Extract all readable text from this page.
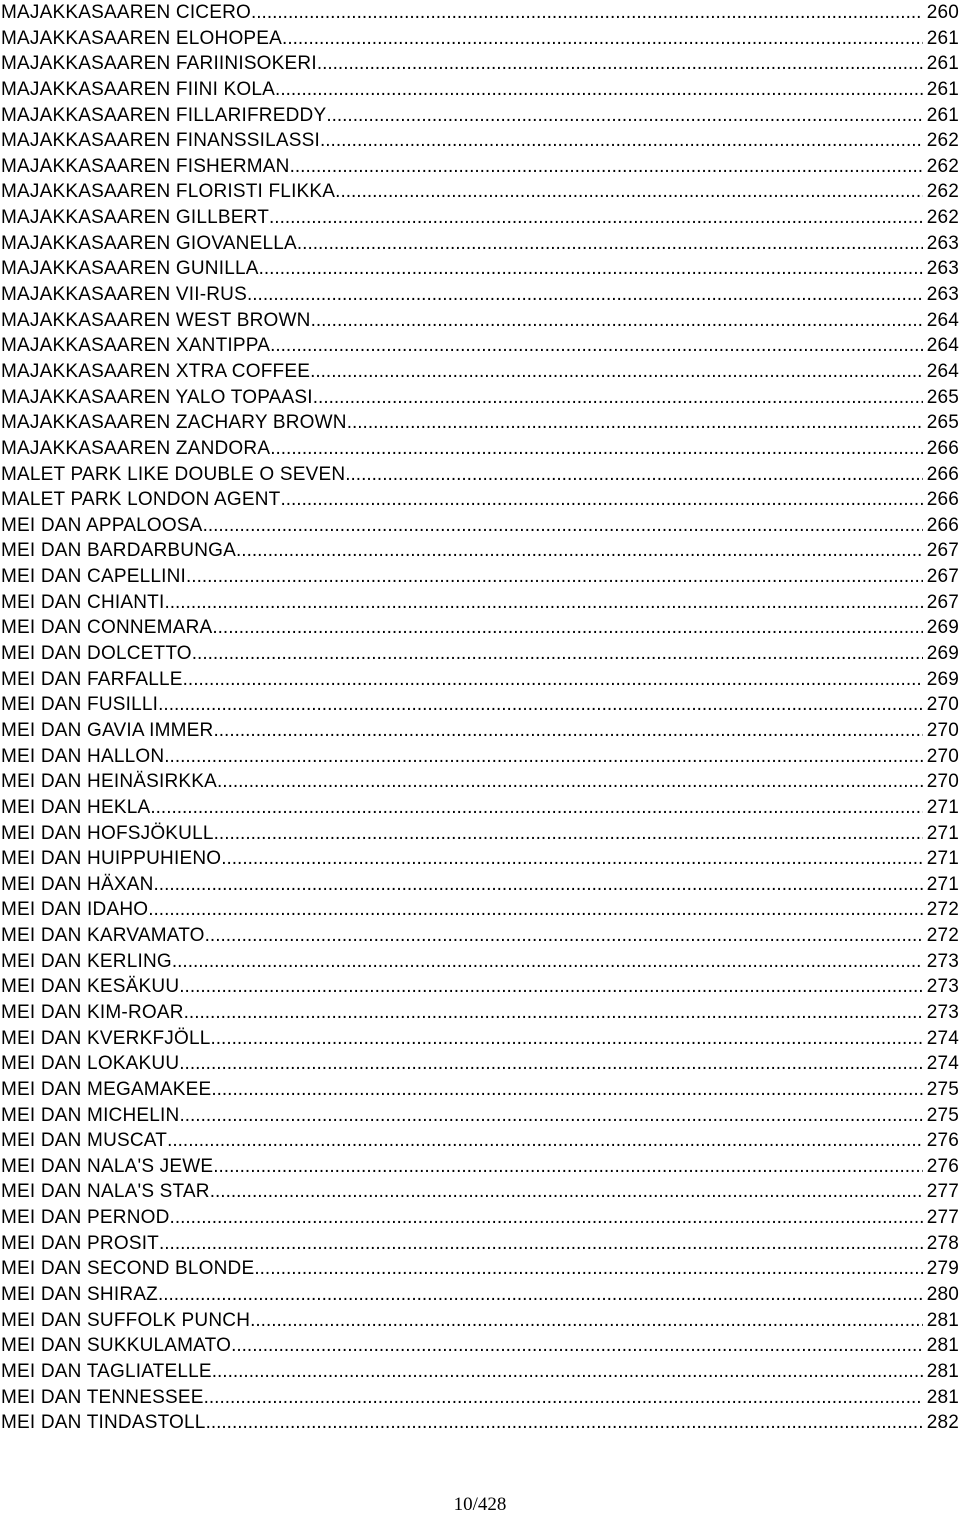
MAJAKKASAAREN CICERO .....	260
MAJAKKASAAREN ELOHOPEA .....	261
MAJAKKASAAREN FARIINISOKERI .....	261
MAJAKKASAAREN FIINI KOLA .....	261
MAJAKKASAAREN FILLARIFREDDY .....	261
MAJAKKASAAREN FINANSSILASSI .....	262
MAJAKKASAAREN FISHERMAN .....	262
MAJAKKASAAREN FLORISTI FLIKKA .....	262
MAJAKKASAAREN GILLBERT .....	262
MAJAKKASAAREN GIOVANELLA .....	263
MAJAKKASAAREN GUNILLA .....	263
MAJAKKASAAREN VII-RUS .....	263
MAJAKKASAAREN WEST BROWN .....	264
MAJAKKASAAREN XANTIPPA .....	264
MAJAKKASAAREN XTRA COFFEE .....	264
MAJAKKASAAREN YALO TOPAASI .....	265
MAJAKKASAAREN ZACHARY BROWN .....	265
MAJAKKASAAREN ZANDORA .....	266
MALET PARK LIKE DOUBLE O SEVEN .....	266
MALET PARK LONDON AGENT .....	266
MEI DAN APPALOOSA .....	266
MEI DAN BARDARBUNGA .....	267
MEI DAN CAPELLINI .....	267
MEI DAN CHIANTI .....	267
MEI DAN CONNEMARA .....	269
MEI DAN DOLCETTO .....	269
MEI DAN FARFALLE .....	269
MEI DAN FUSILLI .....	270
MEI DAN GAVIA IMMER .....	270
MEI DAN HALLON .....	270
MEI DAN HEINÄSIRKKA .....	270
MEI DAN HEKLA .....	271
MEI DAN HOFSJÖKULL .....	271
MEI DAN HUIPPUHIENO .....	271
MEI DAN HÄXAN .....	271
MEI DAN IDAHO .....	272
MEI DAN KARVAMATO .....	272
MEI DAN KERLING .....	273
MEI DAN KESÄKUU .....	273
MEI DAN KIM-ROAR .....	273
MEI DAN KVERKFJÖLL .....	274
MEI DAN LOKAKUU .....	274
MEI DAN MEGAMAKEE .....	275
MEI DAN MICHELIN .....	275
MEI DAN MUSCAT .....	276
MEI DAN NALA'S JEWE .....	276
MEI DAN NALA'S STAR .....	277
MEI DAN PERNOD .....	277
MEI DAN PROSIT .....	278
MEI DAN SECOND BLONDE .....	279
MEI DAN SHIRAZ .....	280
MEI DAN SUFFOLK PUNCH .....	281
MEI DAN SUKKULAMATO .....	281
MEI DAN TAGLIATELLE .....	281
MEI DAN TENNESSEE .....	281
MEI DAN TINDASTOLL .....	282
10/428
